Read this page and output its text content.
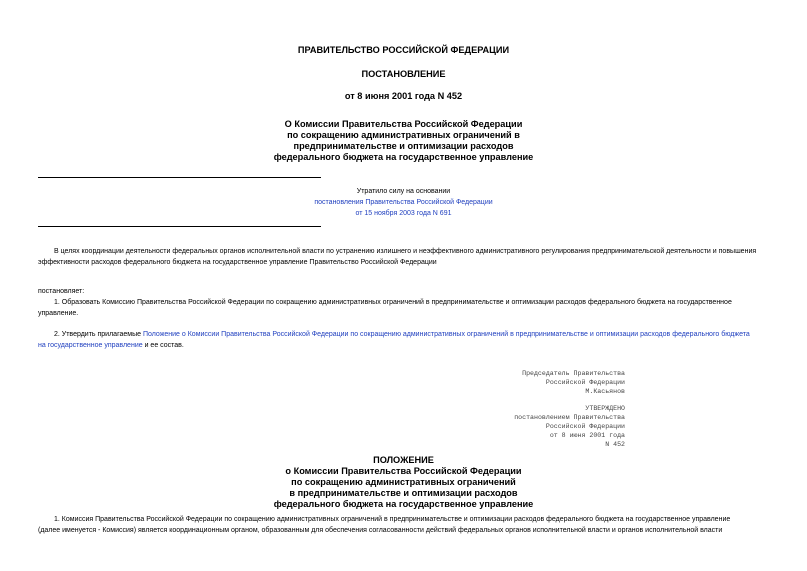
ПРАВИТЕЛЬСТВО РОССИЙСКОЙ ФЕДЕРАЦИИ
ПОСТАНОВЛЕНИЕ
от 8 июня 2001 года N 452
О Комиссии Правительства Российской Федерации
по сокращению административных ограничений в
предпринимательстве и оптимизации расходов
федерального бюджета на государственное управление
Утратило силу на основании
постановления Правительства Российской Федерации
от 15 ноября 2003 года N 691
В целях координации деятельности федеральных органов исполнительной власти по устранению излишнего и неэффективного административного регулирования предпринимательской деятельности и повышения
эффективности расходов федерального бюджета на государственное управление Правительство Российской Федерации
постановляет:
1. Образовать Комиссию Правительства Российской Федерации по сокращению административных ограничений в предпринимательстве и оптимизации расходов федерального бюджета на государственное
управление.
2. Утвердить прилагаемые Положение о Комиссии Правительства Российской Федерации по сокращению административных ограничений в предпринимательстве и оптимизации расходов федерального бюджета
на государственное управление и ее состав.
Председатель Правительства
Российской Федерации
М.Касьянов
УТВЕРЖДЕНО
постановлением Правительства
Российской Федерации
от 8 июня 2001 года
N 452
ПОЛОЖЕНИЕ
о Комиссии Правительства Российской Федерации
по сокращению административных ограничений
в предпринимательстве и оптимизации расходов
федерального бюджета на государственное управление
1. Комиссия Правительства Российской Федерации по сокращению административных ограничений в предпринимательстве и оптимизации расходов федерального бюджета на государственное управление
(далее именуется - Комиссия) является координационным органом, образованным для обеспечения согласованности действий федеральных органов исполнительной власти и органов исполнительной власти
